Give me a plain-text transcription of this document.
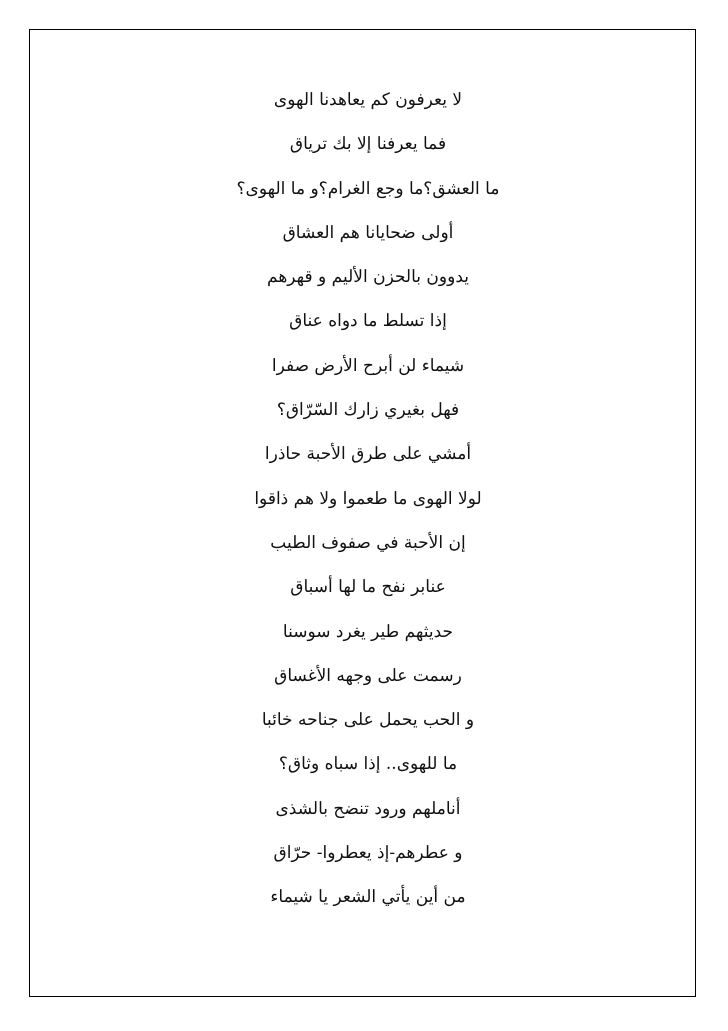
لا يعرفون كم يعاهدنا الهوى
فما يعرفنا إلا بك ترياق
ما العشق؟ما وجع الغرام؟و ما الهوى؟
أولى ضحايانا هم العشاق
يدوون بالحزن الأليم و قهرهم
إذا تسلط ما دواه عناق
شيماء لن أبرح الأرض صفرا
فهل بغيري زارك السّرّاق؟
أمشي على طرق الأحبة حاذرا
لولا الهوى ما طعموا ولا هم ذاقوا
إن الأحبة في صفوف الطيب
عنابر نفح ما لها أسباق
حديثهم طير يغرد سوسنا
رسمت على وجهه الأغساق
و الحب يحمل على جناحه خائبا
ما للهوى.. إذا سباه وثاق؟
أناملهم ورود تنضح بالشذى
و عطرهم-إذ يعطروا- حرّاق
من أين يأتي الشعر يا شيماء
